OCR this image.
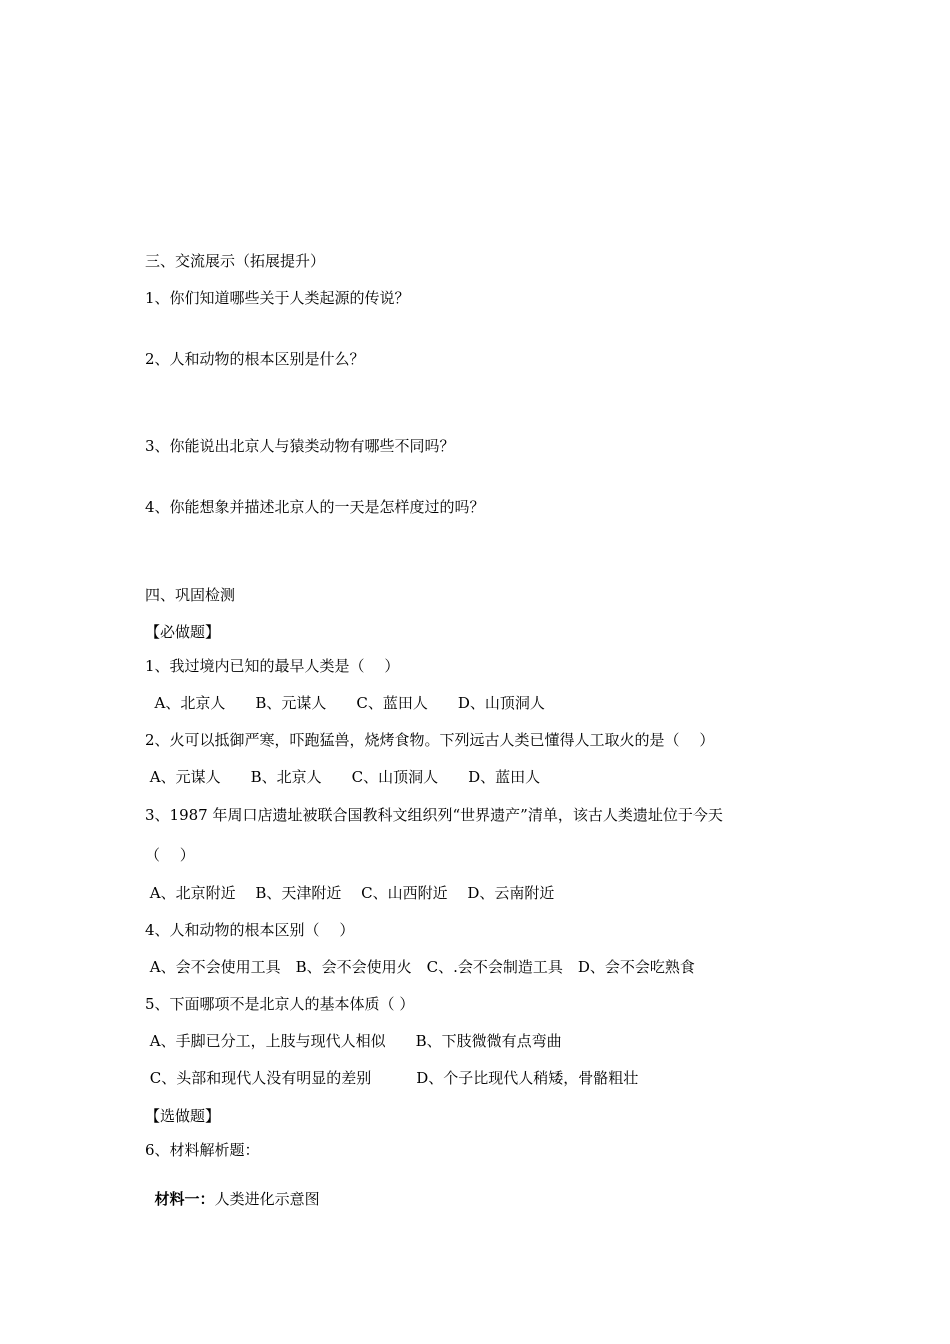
三、交流展示（拓展提升）
1、你们知道哪些关于人类起源的传说？
2、人和动物的根本区别是什么？
3、你能说出北京人与猿类动物有哪些不同吗？
4、你能想象并描述北京人的一天是怎样度过的吗？
四、巩固检测
【必做题】
1、我过境内已知的最早人类是（　 ）
A、北京人　　B、元谋人　　C、蓝田人　　D、山顶洞人
2、火可以抵御严寒，吓跑猛兽，烧烤食物。下列远古人类已懂得人工取火的是（　 ）
A、元谋人　　B、北京人　　C、山顶洞人　　D、蓝田人
3、1987 年周口店遗址被联合国教科文组织列“世界遗产”清单，该古人类遗址位于今天
（　 ）
A、北京附近　 B、天津附近　 C、山西附近　 D、云南附近
4、人和动物的根本区别（　 ）
A、会不会使用工具　B、会不会使用火　C、.会不会制造工具　D、会不会吃熟食
5、下面哪项不是北京人的基本体质（ ）
A、手脚已分工，上肢与现代人相似　　B、下肢微微有点弯曲
C、头部和现代人没有明显的差别　　　D、个子比现代人稍矮，骨骼粗壮
【选做题】
6、材料解析题：

材料一：人类进化示意图
